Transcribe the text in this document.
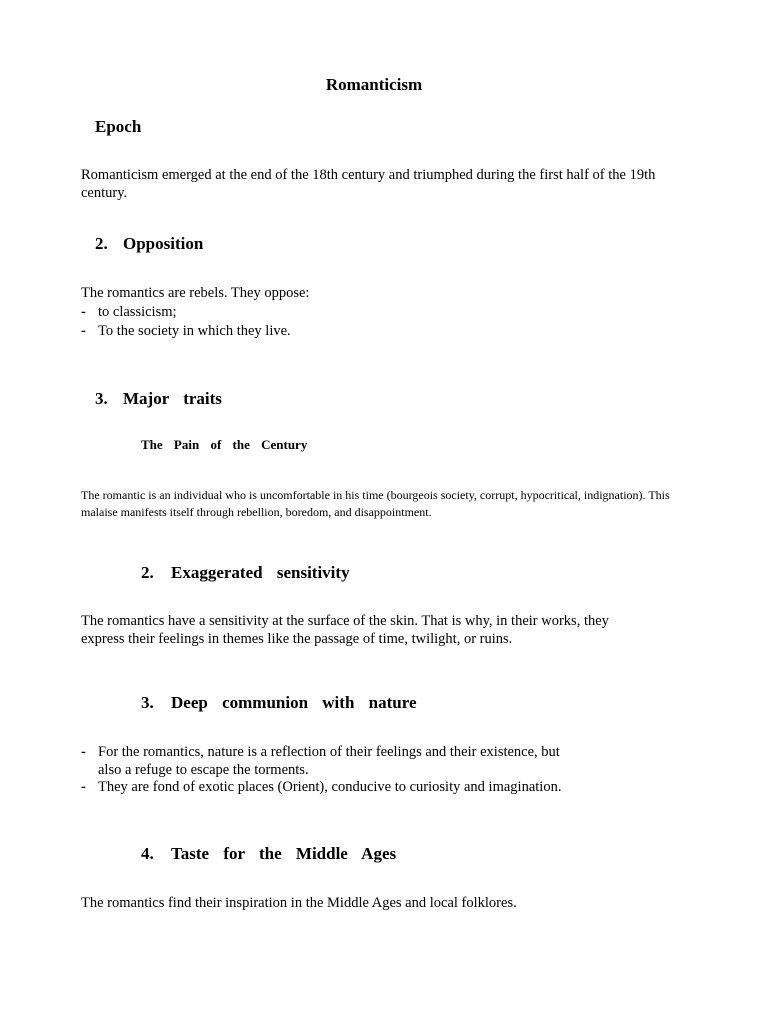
Romanticism
Epoch
Romanticism emerged at the end of the 18th century and triumphed during the first half of the 19th century.
2. Opposition
The romantics are rebels. They oppose:
- to classicism;
- To the society in which they live.
3. Major traits
The Pain of the Century
The romantic is an individual who is uncomfortable in his time (bourgeois society, corrupt, hypocritical, indignation). This malaise manifests itself through rebellion, boredom, and disappointment.
2. Exaggerated sensitivity
The romantics have a sensitivity at the surface of the skin. That is why, in their works, they express their feelings in themes like the passage of time, twilight, or ruins.
3. Deep communion with nature
- For the romantics, nature is a reflection of their feelings and their existence, but
also a refuge to escape the torments.
- They are fond of exotic places (Orient), conducive to curiosity and imagination.
4. Taste for the Middle Ages
The romantics find their inspiration in the Middle Ages and local folklores.
